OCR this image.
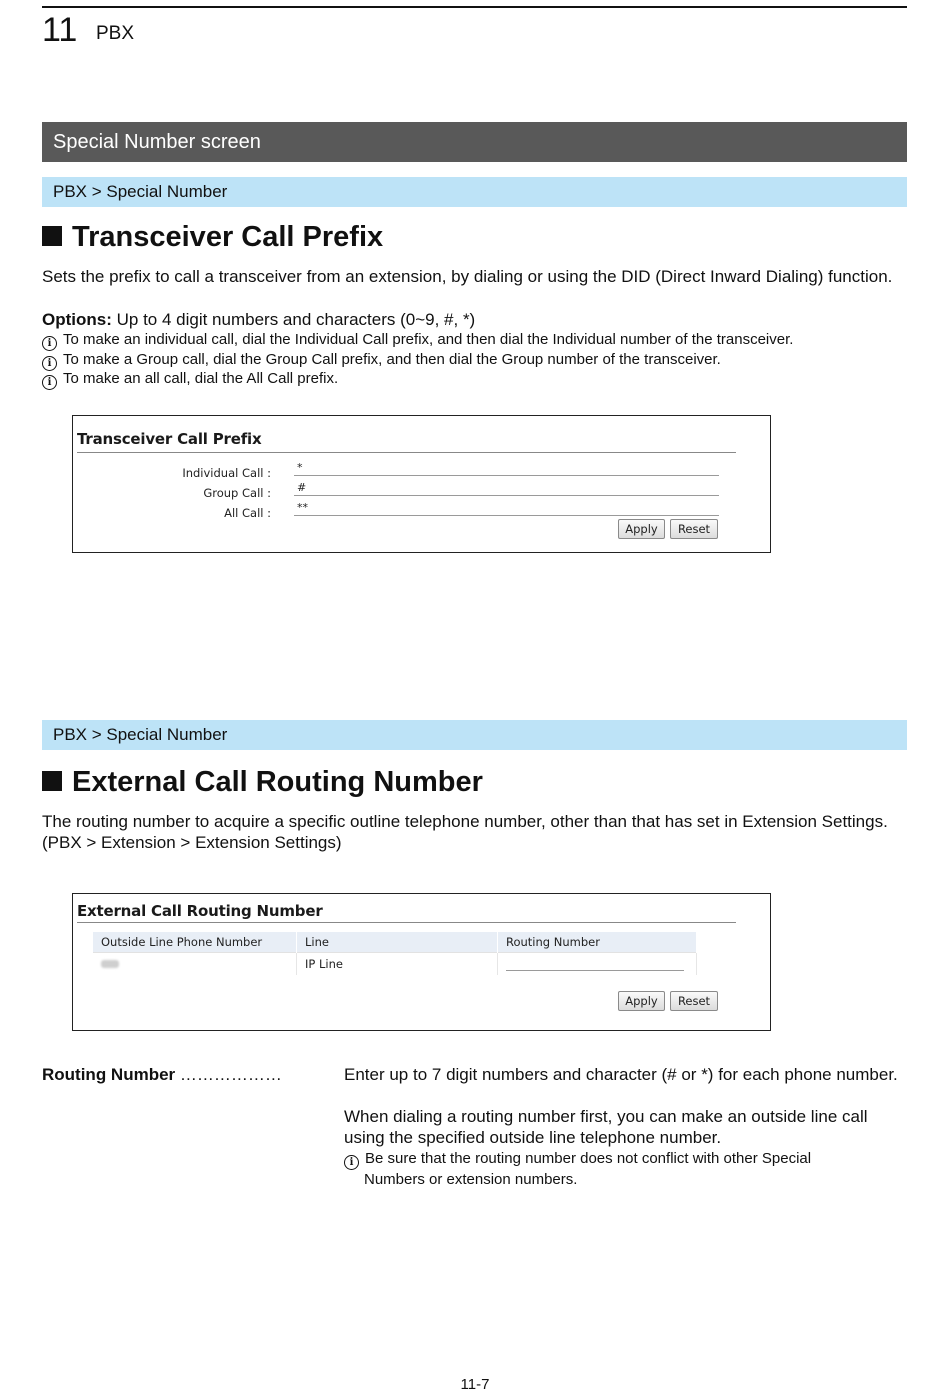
11 PBX
Special Number screen
PBX > Special Number
Transceiver Call Prefix
Sets the prefix to call a transceiver from an extension, by dialing or using the DID (Direct Inward Dialing) function.
Options: Up to 4 digit numbers and characters (0~9, #, *)
i To make an individual call, dial the Individual Call prefix, and then dial the Individual number of the transceiver.
i To make a Group call, dial the Group Call prefix, and then dial the Group number of the transceiver.
i To make an all call, dial the All Call prefix.
Transceiver Call Prefix
Individual Call : *
Group Call : #
All Call : **
Apply	Reset
PBX > Special Number
External Call Routing Number
The routing number to acquire a specific outline telephone number, other than that has set in Extension Settings. (PBX > Extension > Extension Settings)
External Call Routing Number
Outside Line Phone Number	Line	Routing Number
	IP Line	
Apply	Reset
Routing Number ………………	Enter up to 7 digit numbers and character (# or *) for each phone number.
When dialing a routing number first, you can make an outside line call using the specified outside line telephone number.
i Be sure that the routing number does not conflict with other Special
Numbers or extension numbers.
11-7
